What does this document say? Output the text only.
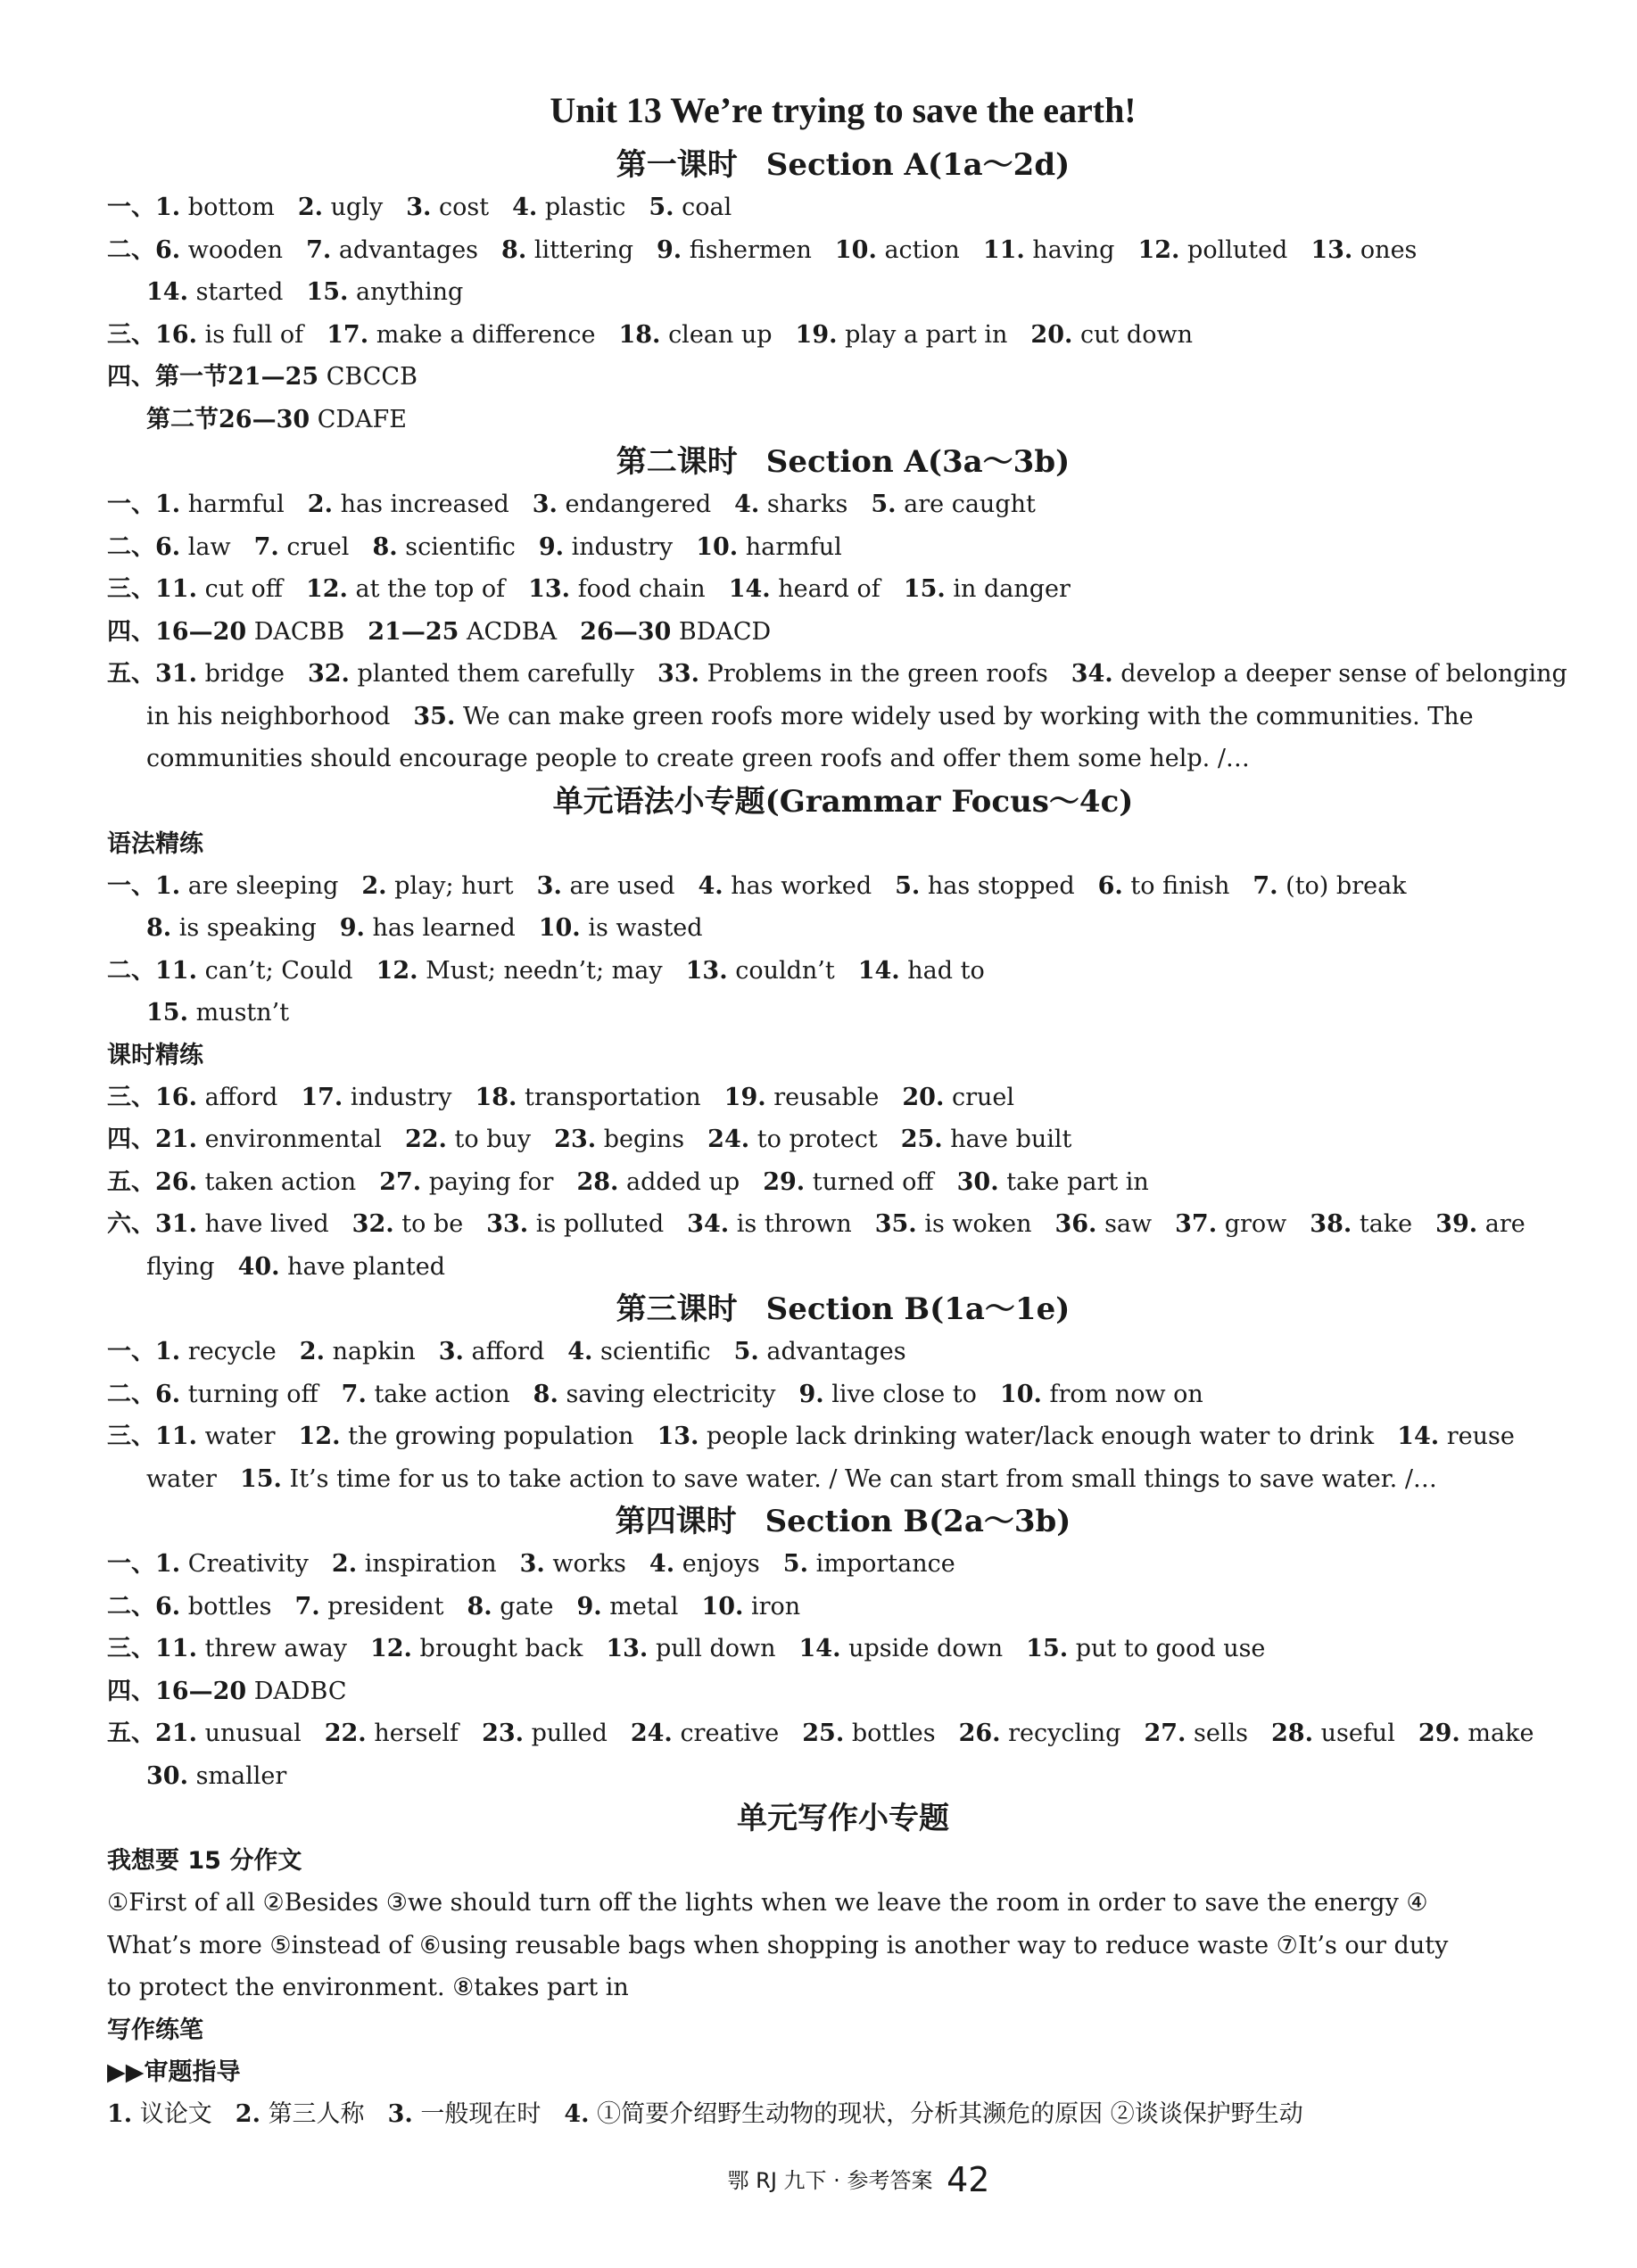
Unit 13 We’re trying to save the earth!
第一课时 Section A(1a～2d)
一、1. bottom 2. ugly 3. cost 4. plastic 5. coal
二、6. wooden 7. advantages 8. littering 9. fishermen 10. action 11. having 12. polluted 13. ones
14. started 15. anything
三、16. is full of 17. make a difference 18. clean up 19. play a part in 20. cut down
四、第一节21—25 CBCCB
第二节26—30 CDAFE
第二课时 Section A(3a～3b)
一、1. harmful 2. has increased 3. endangered 4. sharks 5. are caught
二、6. law 7. cruel 8. scientific 9. industry 10. harmful
三、11. cut off 12. at the top of 13. food chain 14. heard of 15. in danger
四、16—20 DACBB 21—25 ACDBA 26—30 BDACD
五、31. bridge 32. planted them carefully 33. Problems in the green roofs 34. develop a deeper sense of belonging
in his neighborhood 35. We can make green roofs more widely used by working with the communities. The
communities should encourage people to create green roofs and offer them some help. /…
单元语法小专题(Grammar Focus～4c)
语法精练
一、1. are sleeping 2. play; hurt 3. are used 4. has worked 5. has stopped 6. to finish 7. (to) break
8. is speaking 9. has learned 10. is wasted
二、11. can’t; Could 12. Must; needn’t; may 13. couldn’t 14. had to
15. mustn’t
课时精练
三、16. afford 17. industry 18. transportation 19. reusable 20. cruel
四、21. environmental 22. to buy 23. begins 24. to protect 25. have built
五、26. taken action 27. paying for 28. added up 29. turned off 30. take part in
六、31. have lived 32. to be 33. is polluted 34. is thrown 35. is woken 36. saw 37. grow 38. take 39. are
flying 40. have planted
第三课时 Section B(1a～1e)
一、1. recycle 2. napkin 3. afford 4. scientific 5. advantages
二、6. turning off 7. take action 8. saving electricity 9. live close to 10. from now on
三、11. water 12. the growing population 13. people lack drinking water/lack enough water to drink 14. reuse
water 15. It’s time for us to take action to save water. / We can start from small things to save water. /…
第四课时 Section B(2a～3b)
一、1. Creativity 2. inspiration 3. works 4. enjoys 5. importance
二、6. bottles 7. president 8. gate 9. metal 10. iron
三、11. threw away 12. brought back 13. pull down 14. upside down 15. put to good use
四、16—20 DADBC
五、21. unusual 22. herself 23. pulled 24. creative 25. bottles 26. recycling 27. sells 28. useful 29. make
30. smaller
单元写作小专题
我想要 15 分作文
①First of all ②Besides ③we should turn off the lights when we leave the room in order to save the energy ④
What’s more ⑤instead of ⑥using reusable bags when shopping is another way to reduce waste ⑦It’s our duty
to protect the environment. ⑧takes part in
写作练笔
▶▶审题指导
1. 议论文 2. 第三人称 3. 一般现在时 4. ①简要介绍野生动物的现状，分析其濒危的原因 ②谈谈保护野生动
鄂 RJ 九下 · 参考答案 42
